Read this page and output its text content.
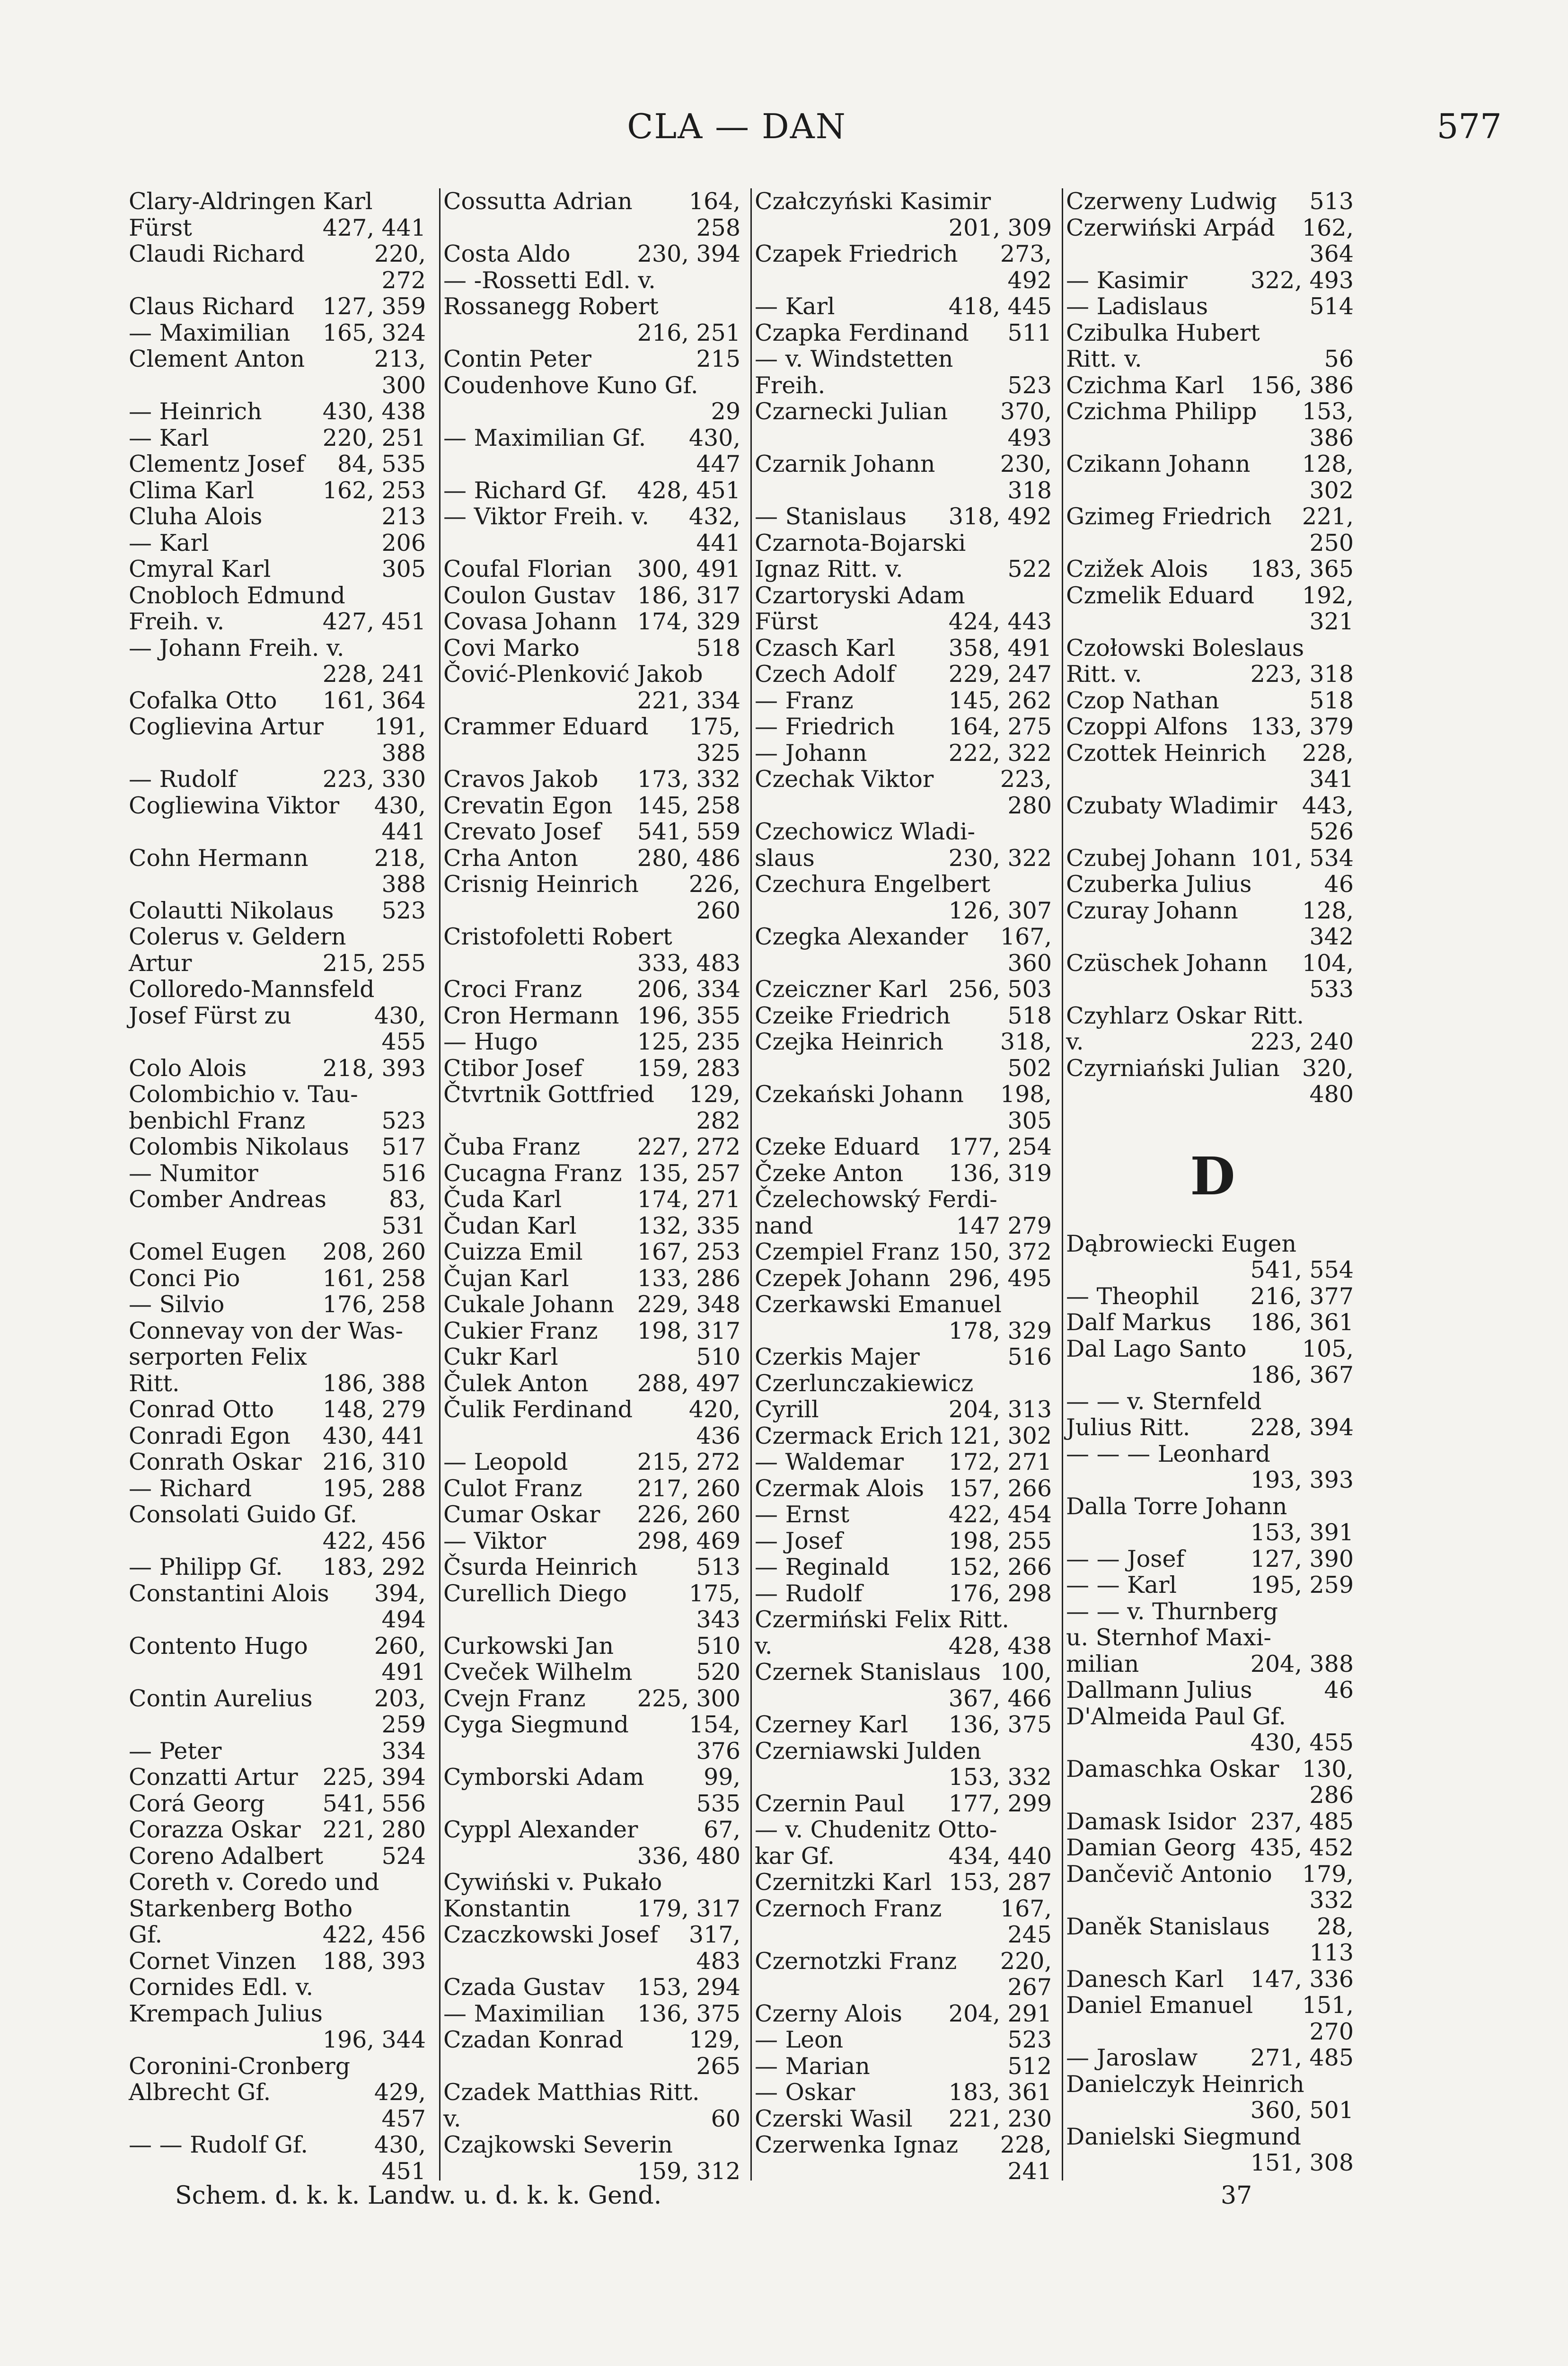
CLA — DAN	577
Clary-Aldringen Karl
Fürst	427, 441
Claudi Richard	220,
272
Claus Richard 127, 359
— Maximilian 165, 324
Clement Anton	213,
300
— Heinrich	430, 438
— Karl	220, 251
Clementz Josef 84, 535
Clima Karl	162, 253
Cluha Alois	213
— Karl	206
Cmyral Karl	305
Cnobloch Edmund
Freih. v.	427, 451
— Johann Freih. v.
228, 241
Cofalka Otto 161, 364
Coglievina Artur 191,
388
— Rudolf	223, 330
Cogliewina Viktor 430,
441
Cohn Hermann	218,
388
Colautti Nikolaus 523
Colerus v. Geldern
Artur	215, 255
Colloredo-Mannsfeld
Josef Fürst zu	430,
455
Colo Alois	218, 393
Colombichio v. Tau-
benbichl Franz	523
Colombis Nikolaus 517
— Numitor	516
Comber Andreas	83,
531
Comel Eugen 208, 260
Conci Pio	161, 258
— Silvio	176, 258
Connevay von der Was-
serporten Felix
Ritt.	186, 388
Conrad Otto 148, 279
Conradi Egon 430, 441
Conrath Oskar 216, 310
— Richard	195, 288
Consolati Guido Gf.
422, 456
— Philipp Gf. 183, 292
Constantini Alois 394,
494
Contento Hugo	260,
491
Contin Aurelius	203,
259
— Peter	334
Conzatti Artur 225, 394
Corá Georg 541, 556
Corazza Oskar 221, 280
Coreno Adalbert	524
Coreth v. Coredo und
Starkenberg Botho
Gf.	422, 456
Cornet Vinzen 188, 393
Cornides Edl. v.
Krempach Julius
196, 344
Coronini-Cronberg
Albrecht Gf.	429,
457
— — Rudolf Gf.	430,
451
Cossutta Adrian 164,
258
Costa Aldo	230, 394
— -Rossetti Edl. v.
Rossanegg Robert
216, 251
Contin Peter	215
Coudenhove Kuno Gf.
29
— Maximilian Gf. 430,
447
— Richard Gf. 428, 451
— Viktor Freih. v. 432,
441
Coufal Florian 300, 491
Coulon Gustav 186, 317
Covasa Johann 174, 329
Covi Marko	518
Čović-Plenković Jakob
221, 334
Crammer Eduard 175,
325
Cravos Jakob 173, 332
Crevatin Egon 145, 258
Crevato Josef 541, 559
Crha Anton	280, 486
Crisnig Heinrich 226,
260
Cristofoletti Robert
333, 483
Croci Franz 206, 334
Cron Hermann 196, 355
— Hugo	125, 235
Ctibor Josef 159, 283
Čtvrtnik Gottfried 129,
282
Čuba Franz 227, 272
Cucagna Franz 135, 257
Čuda Karl	174, 271
Čudan Karl	132, 335
Cuizza Emil 167, 253
Čujan Karl	133, 286
Cukale Johann 229, 348
Cukier Franz 198, 317
Cukr Karl	510
Čulek Anton 288, 497
Čulik Ferdinand 420,
436
— Leopold	215, 272
Culot Franz 217, 260
Cumar Oskar 226, 260
— Viktor	298, 469
Čsurda Heinrich	513
Curellich Diego	175,
343
Curkowski Jan	510
Cveček Wilhelm	520
Cvejn Franz 225, 300
Cyga Siegmund	154,
376
Cymborski Adam	99,
535
Cyppl Alexander	67,
336, 480
Cywiński v. Pukało
Konstantin	179, 317
Czaczkowski Josef 317,
483
Czada Gustav 153, 294
— Maximilian 136, 375
Czadan Konrad	129,
265
Czadek Matthias Ritt.
v.	60
Czajkowski Severin
159, 312
Czałczyński Kasimir
201, 309
Czapek Friedrich 273,
492
— Karl	418, 445
Czapka Ferdinand 511
— v. Windstetten
Freih.	523
Czarnecki Julian 370,
493
Czarnik Johann	230,
318
— Stanislaus 318, 492
Czarnota-Bojarski
Ignaz Ritt. v.	522
Czartoryski Adam
Fürst	424, 443
Czasch Karl 358, 491
Czech Adolf 229, 247
— Franz	145, 262
— Friedrich 164, 275
— Johann	222, 322
Czechak Viktor	223,
280
Czechowicz Wladi-
slaus	230, 322
Czechura Engelbert
126, 307
Czegka Alexander 167,
360
Czeiczner Karl 256, 503
Czeike Friedrich 518
Czejka Heinrich 318,
502
Czekański Johann 198,
305
Czeke Eduard 177, 254
Čzeke Anton 136, 319
Čzelechowský Ferdi-
nand	147 279
Czempiel Franz 150, 372
Czepek Johann 296, 495
Czerkawski Emanuel
178, 329
Czerkis Majer	516
Czerlunczakiewicz
Cyrill	204, 313
Czermack Erich 121, 302
— Waldemar 172, 271
Czermak Alois 157, 266
— Ernst	422, 454
— Josef	198, 255
— Reginald	152, 266
— Rudolf	176, 298
Czermiński Felix Ritt.
v.	428, 438
Czernek Stanislaus 100,
367, 466
Czerney Karl 136, 375
Czerniawski Julden
153, 332
Czernin Paul 177, 299
— v. Chudenitz Otto-
kar Gf.	434, 440
Czernitzki Karl 153, 287
Czernoch Franz	167,
245
Czernotzki Franz 220,
267
Czerny Alois 204, 291
— Leon	523
— Marian	512
— Oskar	183, 361
Czerski Wasil 221, 230
Czerwenka Ignaz 228,
241
Czerweny Ludwig 513
Czerwiński Arpád 162,
364
— Kasimir	322, 493
— Ladislaus	514
Czibulka Hubert
Ritt. v.	56
Czichma Karl 156, 386
Czichma Philipp 153,
386
Czikann Johann 128,
302
Gzimeg Friedrich 221,
250
Czižek Alois 183, 365
Czmelik Eduard 192,
321
Czołowski Boleslaus
Ritt. v.	223, 318
Czop Nathan	518
Czoppi Alfons 133, 379
Czottek Heinrich 228,
341
Czubaty Wladimir 443,
526
Czubej Johann 101, 534
Czuberka Julius	46
Czuray Johann	128,
342
Czüschek Johann 104,
533
Czyhlarz Oskar Ritt.
v.	223, 240
Czyrniański Julian 320,
480
D
Dąbrowiecki Eugen
541, 554
— Theophil 216, 377
Dalf Markus 186, 361
Dal Lago Santo 105,
186, 367
— — v. Sternfeld
Julius Ritt.	228, 394
— — — Leonhard
193, 393
Dalla Torre Johann
153, 391
— — Josef	127, 390
— — Karl	195, 259
— — v. Thurnberg
u. Sternhof Maxi-
milian	204, 388
Dallmann Julius	46
D'Almeida Paul Gf.
430, 455
Damaschka Oskar 130,
286
Damask Isidor 237, 485
Damian Georg 435, 452
Dančevič Antonio 179,
332
Daněk Stanislaus 28,
113
Danesch Karl 147, 336
Daniel Emanuel 151,
270
— Jaroslaw 271, 485
Danielczyk Heinrich
360, 501
Danielski Siegmund
151, 308
Schem. d. k. k. Landw. u. d. k. k. Gend.	37
